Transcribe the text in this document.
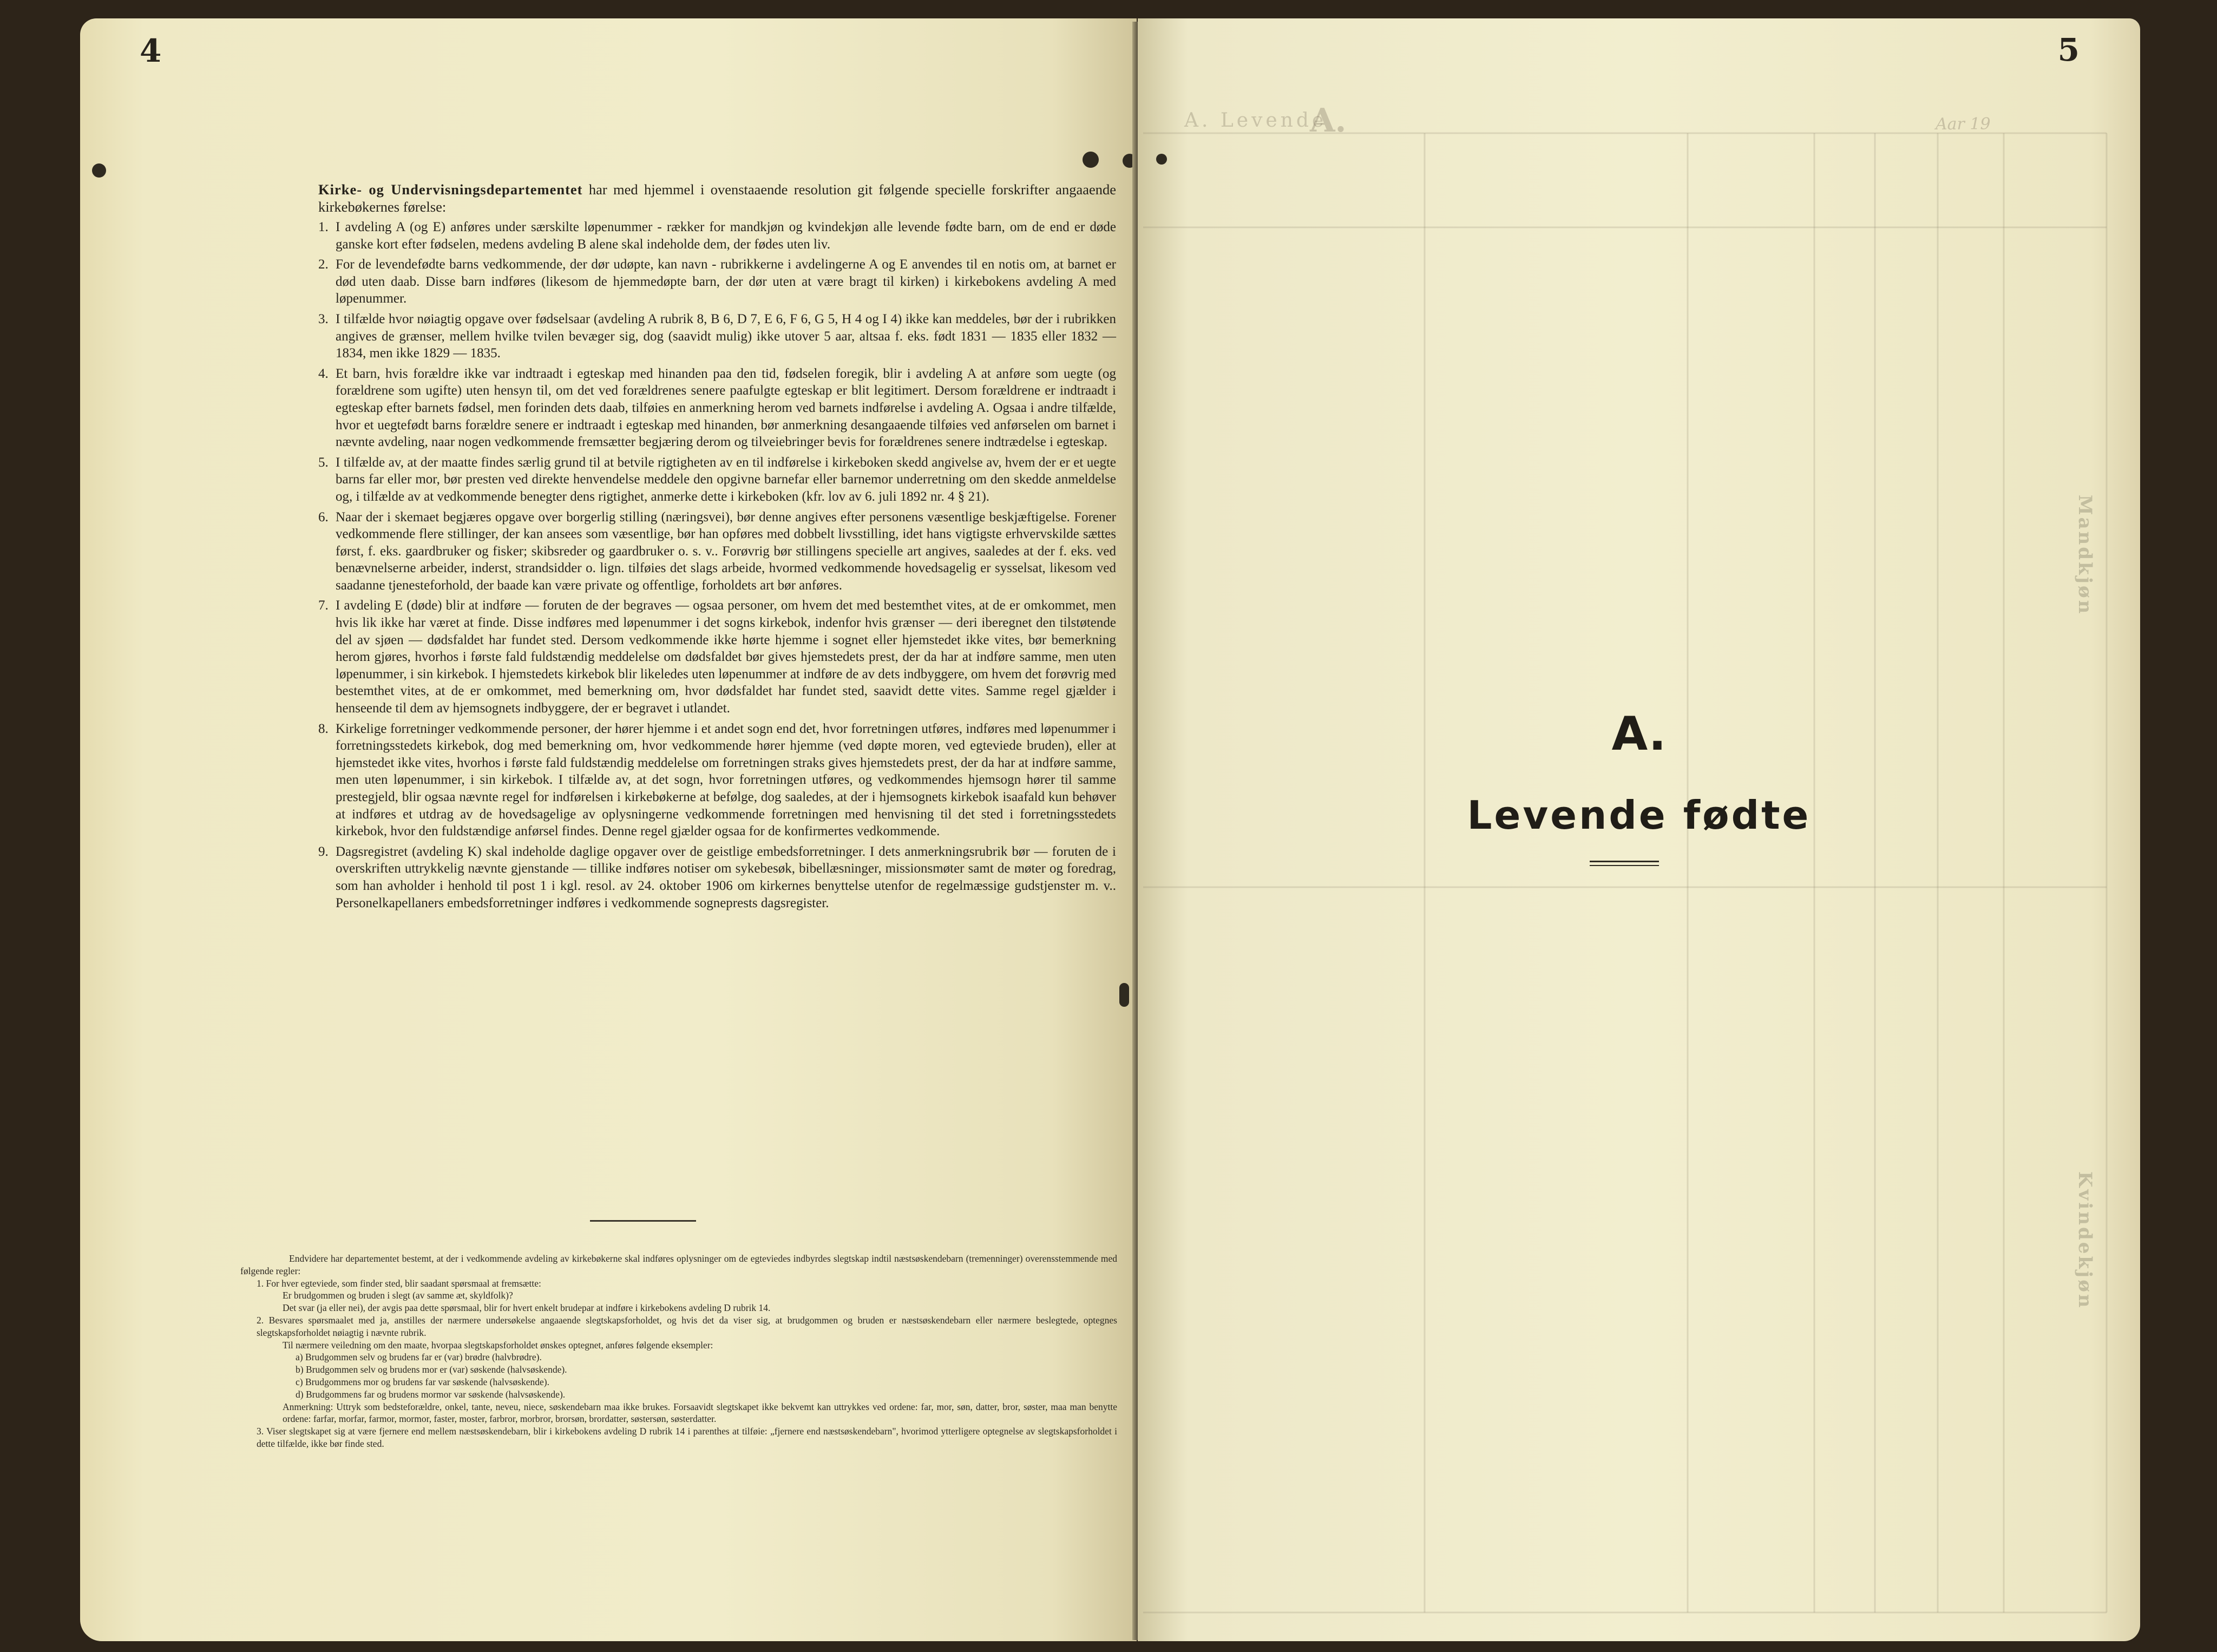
4

Kirke- og Undervisningsdepartementet har med hjemmel i ovenstaaende resolution git følgende specielle forskrifter angaaende kirkebøkernes førelse:

1. I avdeling A (og E) anføres under særskilte løpenummer - rækker for mandkjøn og kvindekjøn alle levende fødte barn, om de end er døde ganske kort efter fødselen, medens avdeling B alene skal indeholde dem, der fødes uten liv.
2. For de levendefødte barns vedkommende, der dør udøpte, kan navn - rubrikkerne i avdelingerne A og E anvendes til en notis om, at barnet er død uten daab. Disse barn indføres (likesom de hjemmedøpte barn, der dør uten at være bragt til kirken) i kirkebokens avdeling A med løpenummer.
3. I tilfælde hvor nøiagtig opgave over fødselsaar (avdeling A rubrik 8, B 6, D 7, E 6, F 6, G 5, H 4 og I 4) ikke kan meddeles, bør der i rubrikken angives de grænser, mellem hvilke tvilen bevæger sig, dog (saavidt mulig) ikke utover 5 aar, altsaa f. eks. født 1831 — 1835 eller 1832 — 1834, men ikke 1829 — 1835.
4. Et barn, hvis forældre ikke var indtraadt i egteskap med hinanden paa den tid, fødselen foregik, blir i avdeling A at anføre som uegte (og forældrene som ugifte) uten hensyn til, om det ved forældrenes senere paafulgte egteskap er blit legitimert. Dersom forældrene er indtraadt i egteskap efter barnets fødsel, men forinden dets daab, tilføies en anmerkning herom ved barnets indførelse i avdeling A. Ogsaa i andre tilfælde, hvor et uegtefødt barns forældre senere er indtraadt i egteskap med hinanden, bør anmerkning desangaaende tilføies ved anførselen om barnet i nævnte avdeling, naar nogen vedkommende fremsætter begjæring derom og tilveiebringer bevis for forældrenes senere indtrædelse i egteskap.
5. I tilfælde av, at der maatte findes særlig grund til at betvile rigtigheten av en til indførelse i kirkeboken skedd angivelse av, hvem der er et uegte barns far eller mor, bør presten ved direkte henvendelse meddele den opgivne barnefar eller barnemor underretning om den skedde anmeldelse og, i tilfælde av at vedkommende benegter dens rigtighet, anmerke dette i kirkeboken (kfr. lov av 6. juli 1892 nr. 4 § 21).
6. Naar der i skemaet begjæres opgave over borgerlig stilling (næringsvei), bør denne angives efter personens væsentlige beskjæftigelse. Forener vedkommende flere stillinger, der kan ansees som væsentlige, bør han opføres med dobbelt livsstilling, idet hans vigtigste erhvervskilde sættes først, f. eks. gaardbruker og fisker; skibsreder og gaardbruker o. s. v.. Forøvrig bør stillingens specielle art angives, saaledes at der f. eks. ved benævnelserne arbeider, inderst, strandsidder o. lign. tilføies det slags arbeide, hvormed vedkommende hovedsagelig er sysselsat, likesom ved saadanne tjenesteforhold, der baade kan være private og offentlige, forholdets art bør anføres.
7. I avdeling E (døde) blir at indføre — foruten de der begraves — ogsaa personer, om hvem det med bestemthet vites, at de er omkommet, men hvis lik ikke har været at finde. Disse indføres med løpenummer i det sogns kirkebok, indenfor hvis grænser — deri iberegnet den tilstøtende del av sjøen — dødsfaldet har fundet sted. Dersom vedkommende ikke hørte hjemme i sognet eller hjemstedet ikke vites, bør bemerkning herom gjøres, hvorhos i første fald fuldstændig meddelelse om dødsfaldet bør gives hjemstedets prest, der da har at indføre samme, men uten løpenummer, i sin kirkebok. I hjemstedets kirkebok blir likeledes uten løpenummer at indføre de av dets indbyggere, om hvem det forøvrig med bestemthet vites, at de er omkommet, med bemerkning om, hvor dødsfaldet har fundet sted, saavidt dette vites. Samme regel gjælder i henseende til dem av hjemsognets indbyggere, der er begravet i utlandet.
8. Kirkelige forretninger vedkommende personer, der hører hjemme i et andet sogn end det, hvor forretningen utføres, indføres med løpenummer i forretningsstedets kirkebok, dog med bemerkning om, hvor vedkommende hører hjemme (ved døpte moren, ved egteviede bruden), eller at hjemstedet ikke vites, hvorhos i første fald fuldstændig meddelelse om forretningen straks gives hjemstedets prest, der da har at indføre samme, men uten løpenummer, i sin kirkebok. I tilfælde av, at det sogn, hvor forretningen utføres, og vedkommendes hjemsogn hører til samme prestegjeld, blir ogsaa nævnte regel for indførelsen i kirkebøkerne at befølge, dog saaledes, at der i hjemsognets kirkebok isaafald kun behøver at indføres et utdrag av de hovedsagelige av oplysningerne vedkommende forretningen med henvisning til det sted i forretningsstedets kirkebok, hvor den fuldstændige anførsel findes. Denne regel gjælder ogsaa for de konfirmertes vedkommende.
9. Dagsregistret (avdeling K) skal indeholde daglige opgaver over de geistlige embedsforretninger. I dets anmerkningsrubrik bør — foruten de i overskriften uttrykkelig nævnte gjenstande — tillike indføres notiser om sykebesøk, bibellæsninger, missionsmøter samt de møter og foredrag, som han avholder i henhold til post 1 i kgl. resol. av 24. oktober 1906 om kirkernes benyttelse utenfor de regelmæssige gudstjenster m. v.. Personelkapellaners embedsforretninger indføres i vedkommende sogneprests dagsregister.

Endvidere har departementet bestemt, at der i vedkommende avdeling av kirkebøkerne skal indføres oplysninger om de egteviedes indbyrdes slegtskap indtil næstsøskendebarn (tremenninger) overensstemmende med følgende regler:

1. For hver egteviede, som finder sted, blir saadant spørsmaal at fremsætte:

Er brudgommen og bruden i slegt (av samme æt, skyldfolk)?

Det svar (ja eller nei), der avgis paa dette spørsmaal, blir for hvert enkelt brudepar at indføre i kirkebokens avdeling D rubrik 14.

2. Besvares spørsmaalet med ja, anstilles der nærmere undersøkelse angaaende slegtskapsforholdet, og hvis det da viser sig, at brudgommen og bruden er næstsøskendebarn eller nærmere beslegtede, optegnes slegtskapsforholdet nøiagtig i nævnte rubrik.

Til nærmere veiledning om den maate, hvorpaa slegtskapsforholdet ønskes optegnet, anføres følgende eksempler:

a) Brudgommen selv og brudens far er (var) brødre (halvbrødre).

b) Brudgommen selv og brudens mor er (var) søskende (halvsøskende).

c) Brudgommens mor og brudens far var søskende (halvsøskende).

d) Brudgommens far og brudens mormor var søskende (halvsøskende).

Anmerkning: Uttryk som bedsteforældre, onkel, tante, neveu, niece, søskendebarn maa ikke brukes. Forsaavidt slegtskapet ikke bekvemt kan uttrykkes ved ordene: far, mor, søn, datter, bror, søster, maa man benytte ordene: farfar, morfar, farmor, mormor, faster, moster, farbror, morbror, brorsøn, brordatter, søstersøn, søsterdatter.

3. Viser slegtskapet sig at være fjernere end mellem næstsøskendebarn, blir i kirkebokens avdeling D rubrik 14 i parenthes at tilføie: „fjernere end næstsøskendebarn", hvorimod ytterligere optegnelse av slegtskapsforholdet i dette tilfælde, ikke bør finde sted.

A. Levende
A.	Aar 19
Mandkjøn
Kvindekjøn
5
A.
Levende fødte
